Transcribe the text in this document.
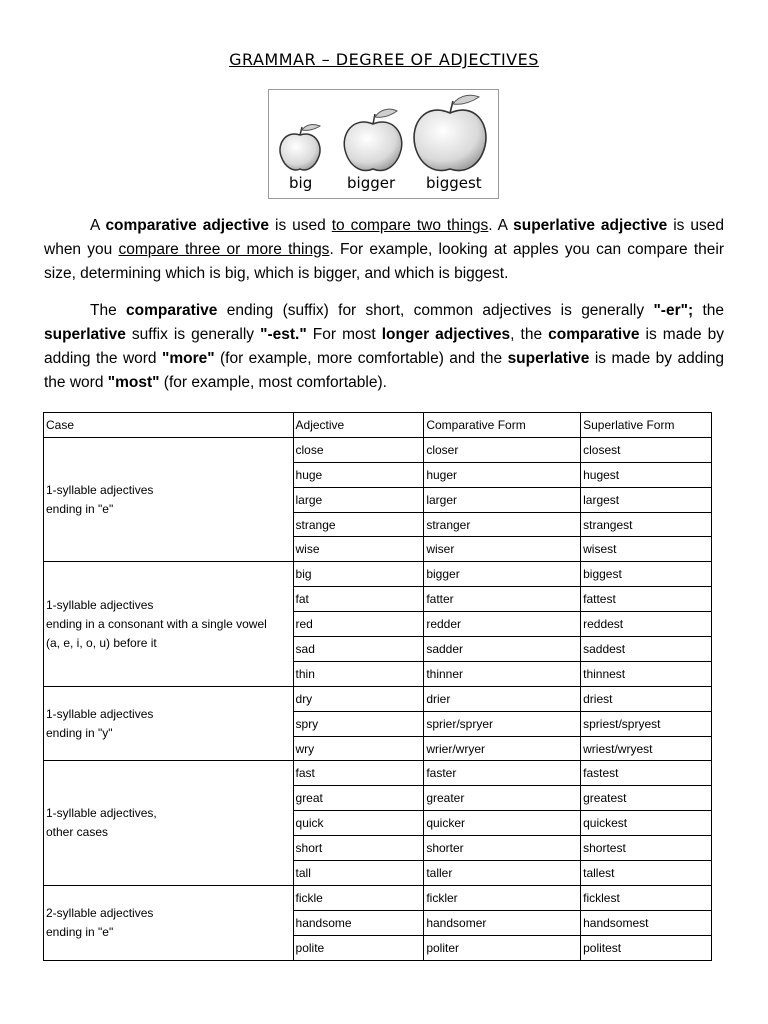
GRAMMAR – DEGREE OF ADJECTIVES
big bigger biggest
A comparative adjective is used to compare two things. A superlative adjective is used
when you compare three or more things. For example, looking at apples you can compare their
size, determining which is big, which is bigger, and which is biggest.
The comparative ending (suffix) for short, common adjectives is generally "-er"; the
superlative suffix is generally "-est." For most longer adjectives, the comparative is made by
adding the word "more" (for example, more comfortable) and the superlative is made by adding
the word "most" (for example, most comfortable).
Case	Adjective	Comparative Form	Superlative Form
1-syllable adjectives
ending in "e"	close	closer	closest
	huge	huger	hugest
	large	larger	largest
	strange	stranger	strangest
	wise	wiser	wisest
1-syllable adjectives
ending in a consonant with a single vowel
(a, e, i, o, u) before it	big	bigger	biggest
	fat	fatter	fattest
	red	redder	reddest
	sad	sadder	saddest
	thin	thinner	thinnest
1-syllable adjectives
ending in "y"	dry	drier	driest
	spry	sprier/spryer	spriest/spryest
	wry	wrier/wryer	wriest/wryest
1-syllable adjectives,
other cases	fast	faster	fastest
	great	greater	greatest
	quick	quicker	quickest
	short	shorter	shortest
	tall	taller	tallest
2-syllable adjectives
ending in "e"	fickle	fickler	ficklest
	handsome	handsomer	handsomest
	polite	politer	politest
